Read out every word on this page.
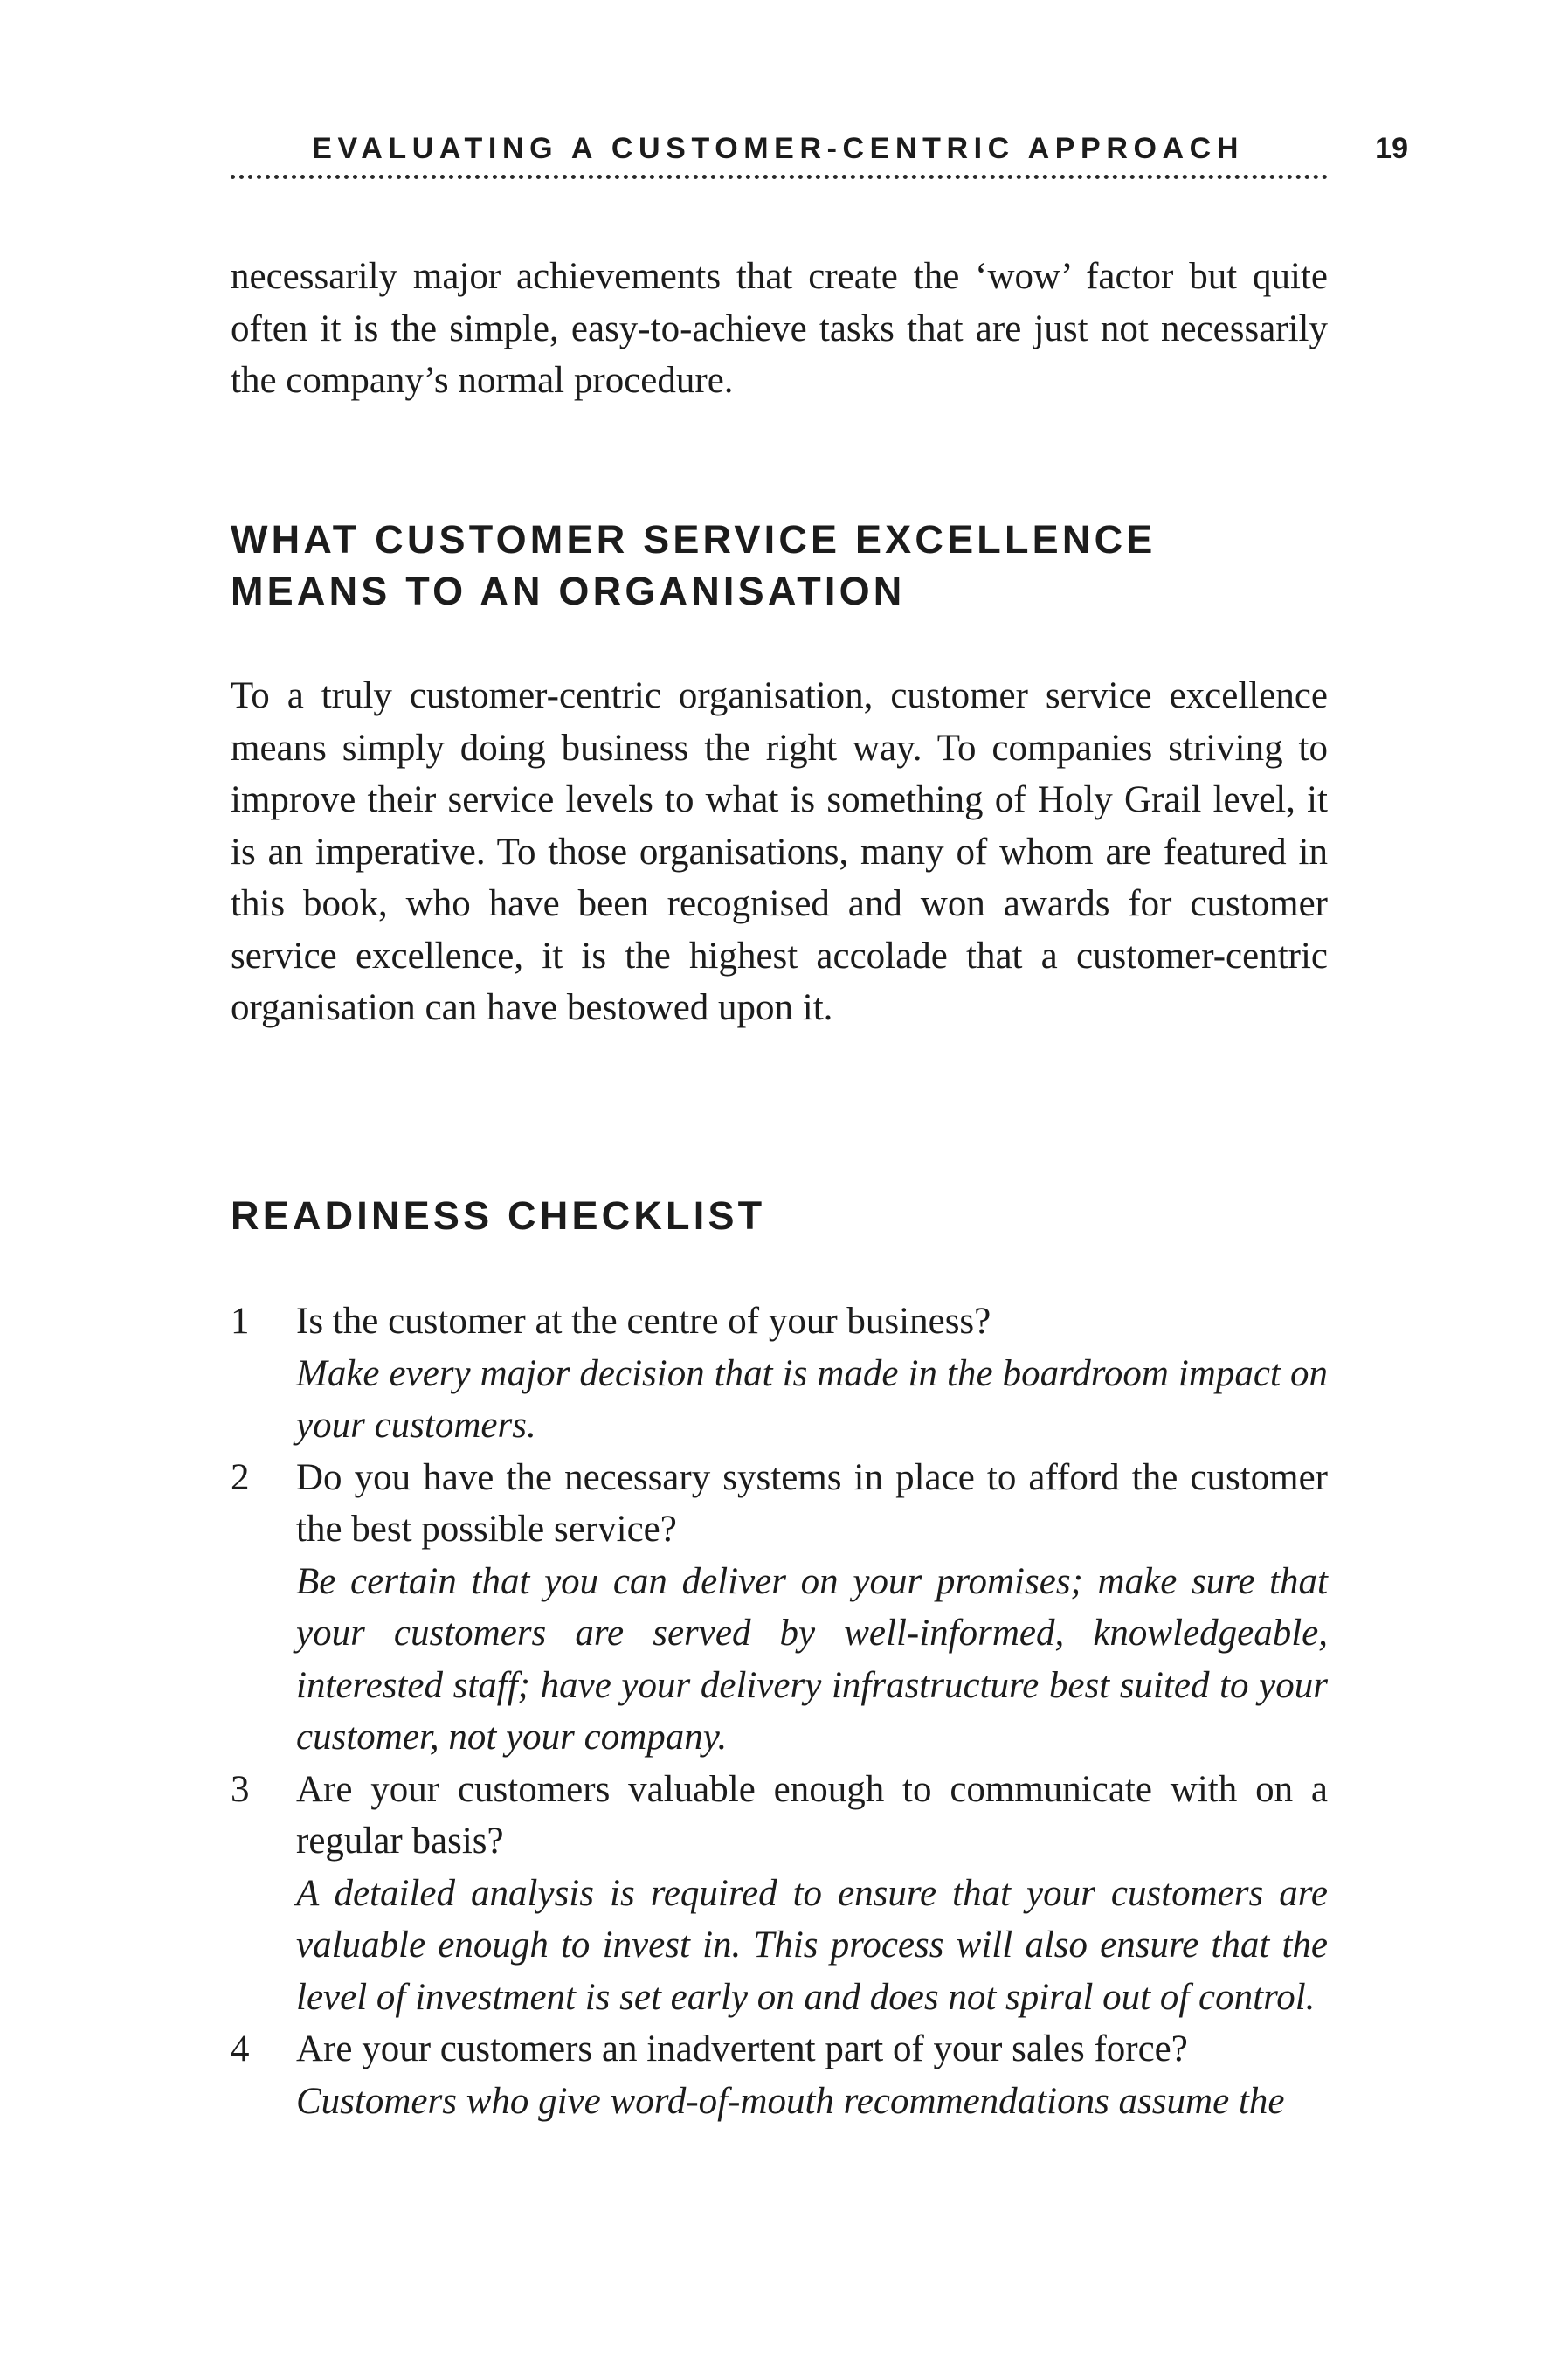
EVALUATING A CUSTOMER-CENTRIC APPROACH	19

necessarily major achievements that create the ‘wow’ factor but quite often it is the simple, easy-to-achieve tasks that are just not necessarily the company’s normal procedure.

WHAT CUSTOMER SERVICE EXCELLENCE
MEANS TO AN ORGANISATION

To a truly customer-centric organisation, customer service excellence means simply doing business the right way. To companies striving to improve their service levels to what is something of Holy Grail level, it is an imperative. To those organisations, many of whom are featured in this book, who have been recognised and won awards for customer service excellence, it is the highest accolade that a customer-centric organisation can have bestowed upon it.

READINESS CHECKLIST
1 Is the customer at the centre of your business?

Make every major decision that is made in the boardroom impact on your customers.

2 Do you have the necessary systems in place to afford the customer the best possible service?

Be certain that you can deliver on your promises; make sure that your customers are served by well-informed, knowledgeable, interested staff; have your delivery infrastructure best suited to your customer, not your company.

3 Are your customers valuable enough to communicate with on a regular basis?

A detailed analysis is required to ensure that your customers are valuable enough to invest in. This process will also ensure that the level of investment is set early on and does not spiral out of control.

4 Are your customers an inadvertent part of your sales force?

Customers who give word-of-mouth recommendations assume the
